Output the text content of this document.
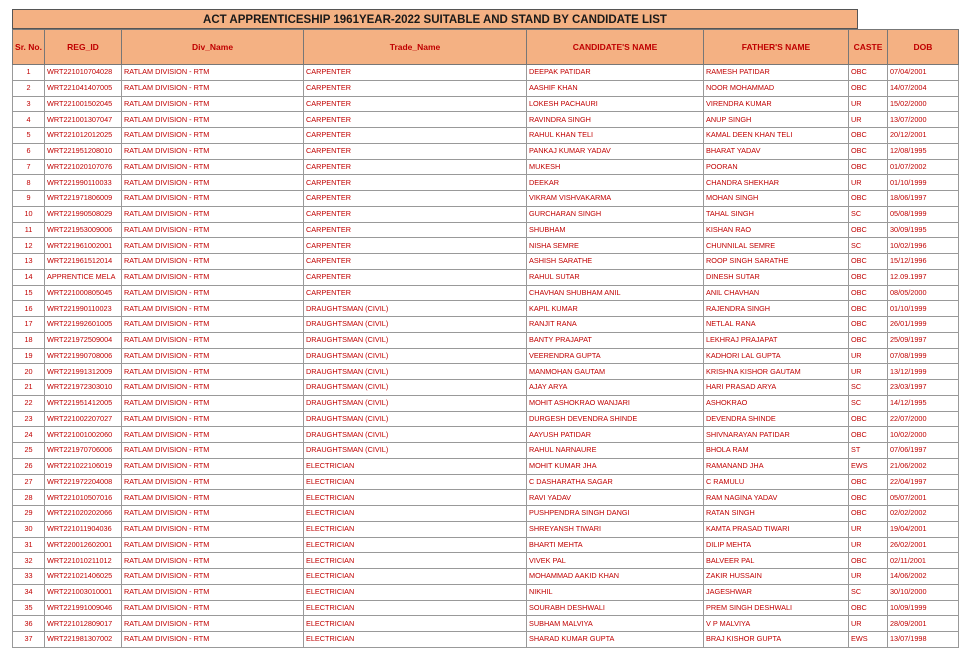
ACT APPRENTICESHIP 1961YEAR-2022 SUITABLE AND STAND BY CANDIDATE LIST
Sr. No.	REG_ID	Div_Name	Trade_Name	CANDIDATE'S NAME	FATHER'S NAME	CASTE	DOB
1	WRT221010704028	RATLAM DIVISION - RTM	CARPENTER	DEEPAK PATIDAR	RAMESH PATIDAR	OBC	07/04/2001
2	WRT221041407005	RATLAM DIVISION - RTM	CARPENTER	AASHIF KHAN	NOOR MOHAMMAD	OBC	14/07/2004
3	WRT221001502045	RATLAM DIVISION - RTM	CARPENTER	LOKESH PACHAURI	VIRENDRA KUMAR	UR	15/02/2000
4	WRT221001307047	RATLAM DIVISION - RTM	CARPENTER	RAVINDRA SINGH	ANUP SINGH	UR	13/07/2000
5	WRT221012012025	RATLAM DIVISION - RTM	CARPENTER	RAHUL KHAN TELI	KAMAL DEEN KHAN TELI	OBC	20/12/2001
6	WRT221951208010	RATLAM DIVISION - RTM	CARPENTER	PANKAJ KUMAR YADAV	BHARAT YADAV	OBC	12/08/1995
7	WRT221020107076	RATLAM DIVISION - RTM	CARPENTER	MUKESH	POORAN	OBC	01/07/2002
8	WRT221990110033	RATLAM DIVISION - RTM	CARPENTER	DEEKAR	CHANDRA SHEKHAR	UR	01/10/1999
9	WRT221971806009	RATLAM DIVISION - RTM	CARPENTER	VIKRAM VISHVAKARMA	MOHAN SINGH	OBC	18/06/1997
10	WRT221990508029	RATLAM DIVISION - RTM	CARPENTER	GURCHARAN SINGH	TAHAL SINGH	SC	05/08/1999
11	WRT221953009006	RATLAM DIVISION - RTM	CARPENTER	SHUBHAM	KISHAN RAO	OBC	30/09/1995
12	WRT221961002001	RATLAM DIVISION - RTM	CARPENTER	NISHA SEMRE	CHUNNILAL SEMRE	SC	10/02/1996
13	WRT221961512014	RATLAM DIVISION - RTM	CARPENTER	ASHISH SARATHE	ROOP SINGH SARATHE	OBC	15/12/1996
14	APPRENTICE MELA	RATLAM DIVISION - RTM	CARPENTER	RAHUL SUTAR	DINESH SUTAR	OBC	12.09.1997
15	WRT221000805045	RATLAM DIVISION - RTM	CARPENTER	CHAVHAN SHUBHAM ANIL	ANIL CHAVHAN	OBC	08/05/2000
16	WRT221990110023	RATLAM DIVISION - RTM	DRAUGHTSMAN (CIVIL)	KAPIL KUMAR	RAJENDRA SINGH	OBC	01/10/1999
17	WRT221992601005	RATLAM DIVISION - RTM	DRAUGHTSMAN (CIVIL)	RANJIT RANA	NETLAL RANA	OBC	26/01/1999
18	WRT221972509004	RATLAM DIVISION - RTM	DRAUGHTSMAN (CIVIL)	BANTY PRAJAPAT	LEKHRAJ PRAJAPAT	OBC	25/09/1997
19	WRT221990708006	RATLAM DIVISION - RTM	DRAUGHTSMAN (CIVIL)	VEERENDRA GUPTA	KADHORI LAL GUPTA	UR	07/08/1999
20	WRT221991312009	RATLAM DIVISION - RTM	DRAUGHTSMAN (CIVIL)	MANMOHAN GAUTAM	KRISHNA KISHOR GAUTAM	UR	13/12/1999
21	WRT221972303010	RATLAM DIVISION - RTM	DRAUGHTSMAN (CIVIL)	AJAY ARYA	HARI PRASAD ARYA	SC	23/03/1997
22	WRT221951412005	RATLAM DIVISION - RTM	DRAUGHTSMAN (CIVIL)	MOHIT ASHOKRAO WANJARI	ASHOKRAO	SC	14/12/1995
23	WRT221002207027	RATLAM DIVISION - RTM	DRAUGHTSMAN (CIVIL)	DURGESH DEVENDRA SHINDE	DEVENDRA SHINDE	OBC	22/07/2000
24	WRT221001002060	RATLAM DIVISION - RTM	DRAUGHTSMAN (CIVIL)	AAYUSH PATIDAR	SHIVNARAYAN PATIDAR	OBC	10/02/2000
25	WRT221970706006	RATLAM DIVISION - RTM	DRAUGHTSMAN (CIVIL)	RAHUL NARNAURE	BHOLA RAM	ST	07/06/1997
26	WRT221022106019	RATLAM DIVISION - RTM	ELECTRICIAN	MOHIT KUMAR JHA	RAMANAND JHA	EWS	21/06/2002
27	WRT221972204008	RATLAM DIVISION - RTM	ELECTRICIAN	C DASHARATHA SAGAR	C RAMULU	OBC	22/04/1997
28	WRT221010507016	RATLAM DIVISION - RTM	ELECTRICIAN	RAVI YADAV	RAM NAGINA YADAV	OBC	05/07/2001
29	WRT221020202066	RATLAM DIVISION - RTM	ELECTRICIAN	PUSHPENDRA SINGH DANGI	RATAN SINGH	OBC	02/02/2002
30	WRT221011904036	RATLAM DIVISION - RTM	ELECTRICIAN	SHREYANSH TIWARI	KAMTA PRASAD TIWARI	UR	19/04/2001
31	WRT220012602001	RATLAM DIVISION - RTM	ELECTRICIAN	BHARTI MEHTA	DILIP MEHTA	UR	26/02/2001
32	WRT221010211012	RATLAM DIVISION - RTM	ELECTRICIAN	VIVEK PAL	BALVEER PAL	OBC	02/11/2001
33	WRT221021406025	RATLAM DIVISION - RTM	ELECTRICIAN	MOHAMMAD AAKID KHAN	ZAKIR HUSSAIN	UR	14/06/2002
34	WRT221003010001	RATLAM DIVISION - RTM	ELECTRICIAN	NIKHIL	JAGESHWAR	SC	30/10/2000
35	WRT221991009046	RATLAM DIVISION - RTM	ELECTRICIAN	SOURABH DESHWALI	PREM SINGH DESHWALI	OBC	10/09/1999
36	WRT221012809017	RATLAM DIVISION - RTM	ELECTRICIAN	SUBHAM MALVIYA	V P MALVIYA	UR	28/09/2001
37	WRT221981307002	RATLAM DIVISION - RTM	ELECTRICIAN	SHARAD KUMAR GUPTA	BRAJ KISHOR GUPTA	EWS	13/07/1998
